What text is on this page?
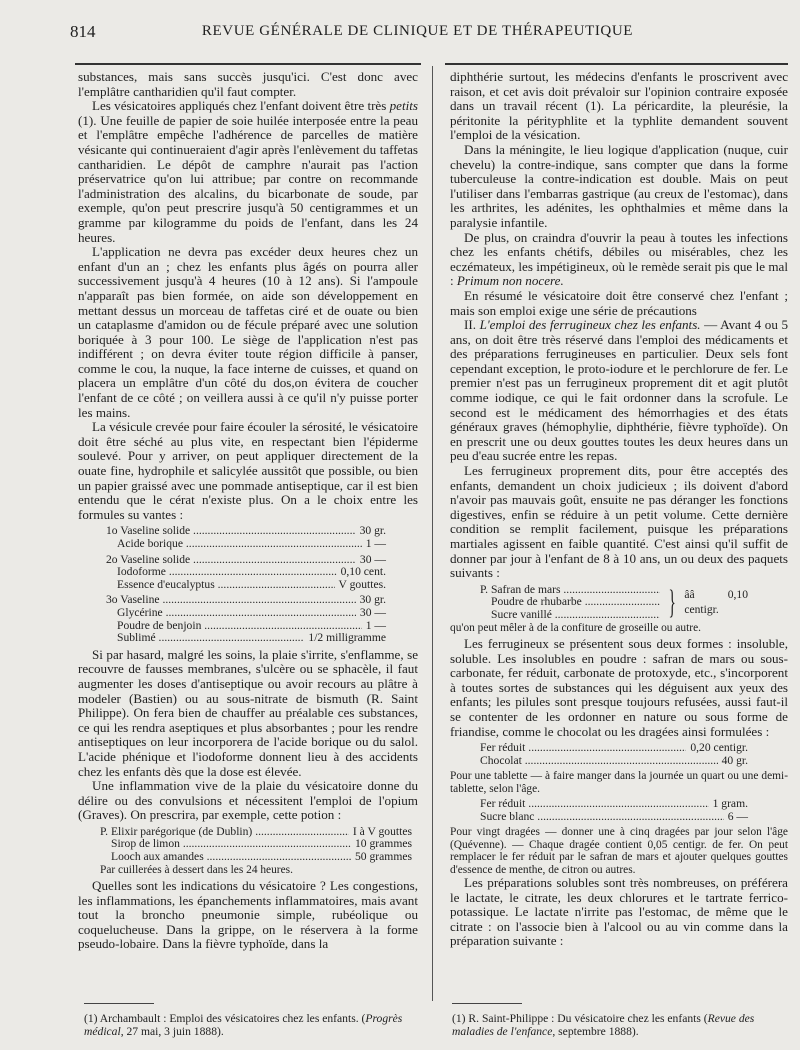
814	REVUE GÉNÉRALE DE CLINIQUE ET DE THÉRAPEUTIQUE

substances, mais sans succès jusqu'ici. C'est donc avec l'emplâtre cantharidien qu'il faut compter.

Les vésicatoires appliqués chez l'enfant doivent être très petits (1). Une feuille de papier de soie huilée interposée entre la peau et l'emplâtre empêche l'adhérence de parcelles de matière vésicante qui continueraient d'agir après l'enlèvement du taffetas cantharidien. Le dépôt de camphre n'aurait pas l'action préservatrice qu'on lui attribue; par contre on recommande l'administration des alcalins, du bicarbonate de soude, par exemple, qu'on peut prescrire jusqu'à 50 centigrammes et un gramme par kilogramme du poids de l'enfant, dans les 24 heures.

L'application ne devra pas excéder deux heures chez un enfant d'un an ; chez les enfants plus âgés on pourra aller successivement jusqu'à 4 heures (10 à 12 ans). Si l'ampoule n'apparaît pas bien formée, on aide son développement en mettant dessus un morceau de taffetas ciré et de ouate ou bien un cataplasme d'amidon ou de fécule préparé avec une solution boriquée à 3 pour 100. Le siège de l'application n'est pas indifférent ; on devra éviter toute région difficile à panser, comme le cou, la nuque, la face interne de cuisses, et quand on placera un emplâtre d'un côté du dos,on évitera de coucher l'enfant de ce côté ; on veillera aussi à ce qu'il n'y puisse porter les mains.

La vésicule crevée pour faire écouler la sérosité, le vésicatoire doit être séché au plus vite, en respectant bien l'épiderme soulevé. Pour y arriver, on peut appliquer directement de la ouate fine, hydrophile et salicylée aussitôt que possible, ou bien un papier graissé avec une pommade antiseptique, car il est bien entendu que le cérat n'existe plus. On a le choix entre les formules su vantes :

1o Vaseline solide .....	30 gr.
Acide borique .....	1 —
2o Vaseline solide .....	30 —
Iodoforme .....	0,10 cent.
Essence d'eucalyptus .....	V gouttes.
3o Vaseline .....	30 gr.
Glycérine .....	30 —
Poudre de benjoin .....	1 —
Sublimé .....	1/2 milligramme

Si par hasard, malgré les soins, la plaie s'irrite, s'enflamme, se recouvre de fausses membranes, s'ulcère ou se sphacèle, il faut augmenter les doses d'antiseptique ou avoir recours au plâtre à modeler (Bastien) ou au sous-nitrate de bismuth (R. Saint Philippe). On fera bien de chauffer au préalable ces substances, ce qui les rendra aseptiques et plus absorbantes ; pour les rendre antiseptiques on leur incorporera de l'acide borique ou du salol. L'acide phénique et l'iodoforme donnent lieu à des accidents chez les enfants dès que la dose est élevée.

Une inflammation vive de la plaie du vésicatoire donne du délire ou des convulsions et nécessitent l'emploi de l'opium (Graves). On prescrira, par exemple, cette potion :

P. Elixir parégorique (de Dublin) .....	I à V gouttes
Sirop de limon .....	10 grammes
Looch aux amandes .....	50 grammes
Par cuillerées à dessert dans les 24 heures.

Quelles sont les indications du vésicatoire ? Les congestions, les inflammations, les épanchements inflammatoires, mais avant tout la broncho pneumonie simple, rubéolique ou coquelucheuse. Dans la grippe, on le réservera à la forme pseudo-lobaire. Dans la fièvre typhoïde, dans la

diphthérie surtout, les médecins d'enfants le proscrivent avec raison, et cet avis doit prévaloir sur l'opinion contraire exposée dans un travail récent (1). La péricardite, la pleurésie, la péritonite la pérityphlite et la typhlite demandent souvent l'emploi de la vésication.

Dans la méningite, le lieu logique d'application (nuque, cuir chevelu) la contre-indique, sans compter que dans la forme tuberculeuse la contre-indication est double. Mais on peut l'utiliser dans l'embarras gastrique (au creux de l'estomac), dans les arthrites, les adénites, les ophthalmies et même dans la paralysie infantile.

De plus, on craindra d'ouvrir la peau à toutes les infections chez les enfants chétifs, débiles ou misérables, chez les eczémateux, les impétigineux, où le remède serait pis que le mal : Primum non nocere.

En résumé le vésicatoire doit être conservé chez l'enfant ; mais son emploi exige une série de précautions

II. L'emploi des ferrugineux chez les enfants. — Avant 4 ou 5 ans, on doit être très réservé dans l'emploi des médicaments et des préparations ferrugineuses en particulier. Deux sels font cependant exception, le proto-iodure et le perchlorure de fer. Le premier n'est pas un ferrugineux proprement dit et agit plutôt comme iodique, ce qui le fait ordonner dans la scrofule. Le second est le médicament des hémorrhagies et des états généraux graves (hémophylie, diphthérie, fièvre typhoïde). On en prescrit une ou deux gouttes toutes les deux heures dans un peu d'eau sucrée entre les repas.

Les ferrugineux proprement dits, pour être acceptés des enfants, demandent un choix judicieux ; ils doivent d'abord n'avoir pas mauvais goût, ensuite ne pas déranger les fonctions digestives, enfin se réduire à un petit volume. Cette dernière condition se remplit facilement, puisque les préparations martiales agissent en faible quantité. C'est ainsi qu'il suffit de donner par jour à l'enfant de 8 à 10 ans, un ou deux des paquets suivants :

P. Safran de mars .....
Poudre de rhubarbe .....
Sucre vanillé .....	} ââ 0,10 centigr.
qu'on peut mêler à de la confiture de groseille ou autre.

Les ferrugineux se présentent sous deux formes : insoluble, soluble. Les insolubles en poudre : safran de mars ou sous-carbonate, fer réduit, carbonate de protoxyde, etc., s'incorporent à toutes sortes de substances qui les déguisent aux yeux des enfants; les pilules sont presque toujours refusées, aussi faut-il se contenter de les ordonner en nature ou sous forme de friandise, comme le chocolat ou les dragées ainsi formulées :

Fer réduit .....	0,20 centigr.
Chocolat .....	40 gr.
Pour une tablette — à faire manger dans la journée un quart ou une demi-tablette, selon l'âge.
Fer réduit .....	1 gram.
Sucre blanc .....	6 —
Pour vingt dragées — donner une à cinq dragées par jour selon l'âge (Quévenne). — Chaque dragée contient 0,05 centigr. de fer. On peut remplacer le fer réduit par le safran de mars et ajouter quelques gouttes d'essence de menthe, de citron ou autres.

Les préparations solubles sont très nombreuses, on préférera le lactate, le citrate, les deux chlorures et le tartrate ferrico-potassique. Le lactate n'irrite pas l'estomac, de même que le citrate : on l'associe bien à l'alcool ou au vin comme dans la préparation suivante :

(1) Archambault : Emploi des vésicatoires chez les enfants. (Progrès médical, 27 mai, 3 juin 1888).
(1) R. Saint-Philippe : Du vésicatoire chez les enfants (Revue des maladies de l'enfance, septembre 1888).
